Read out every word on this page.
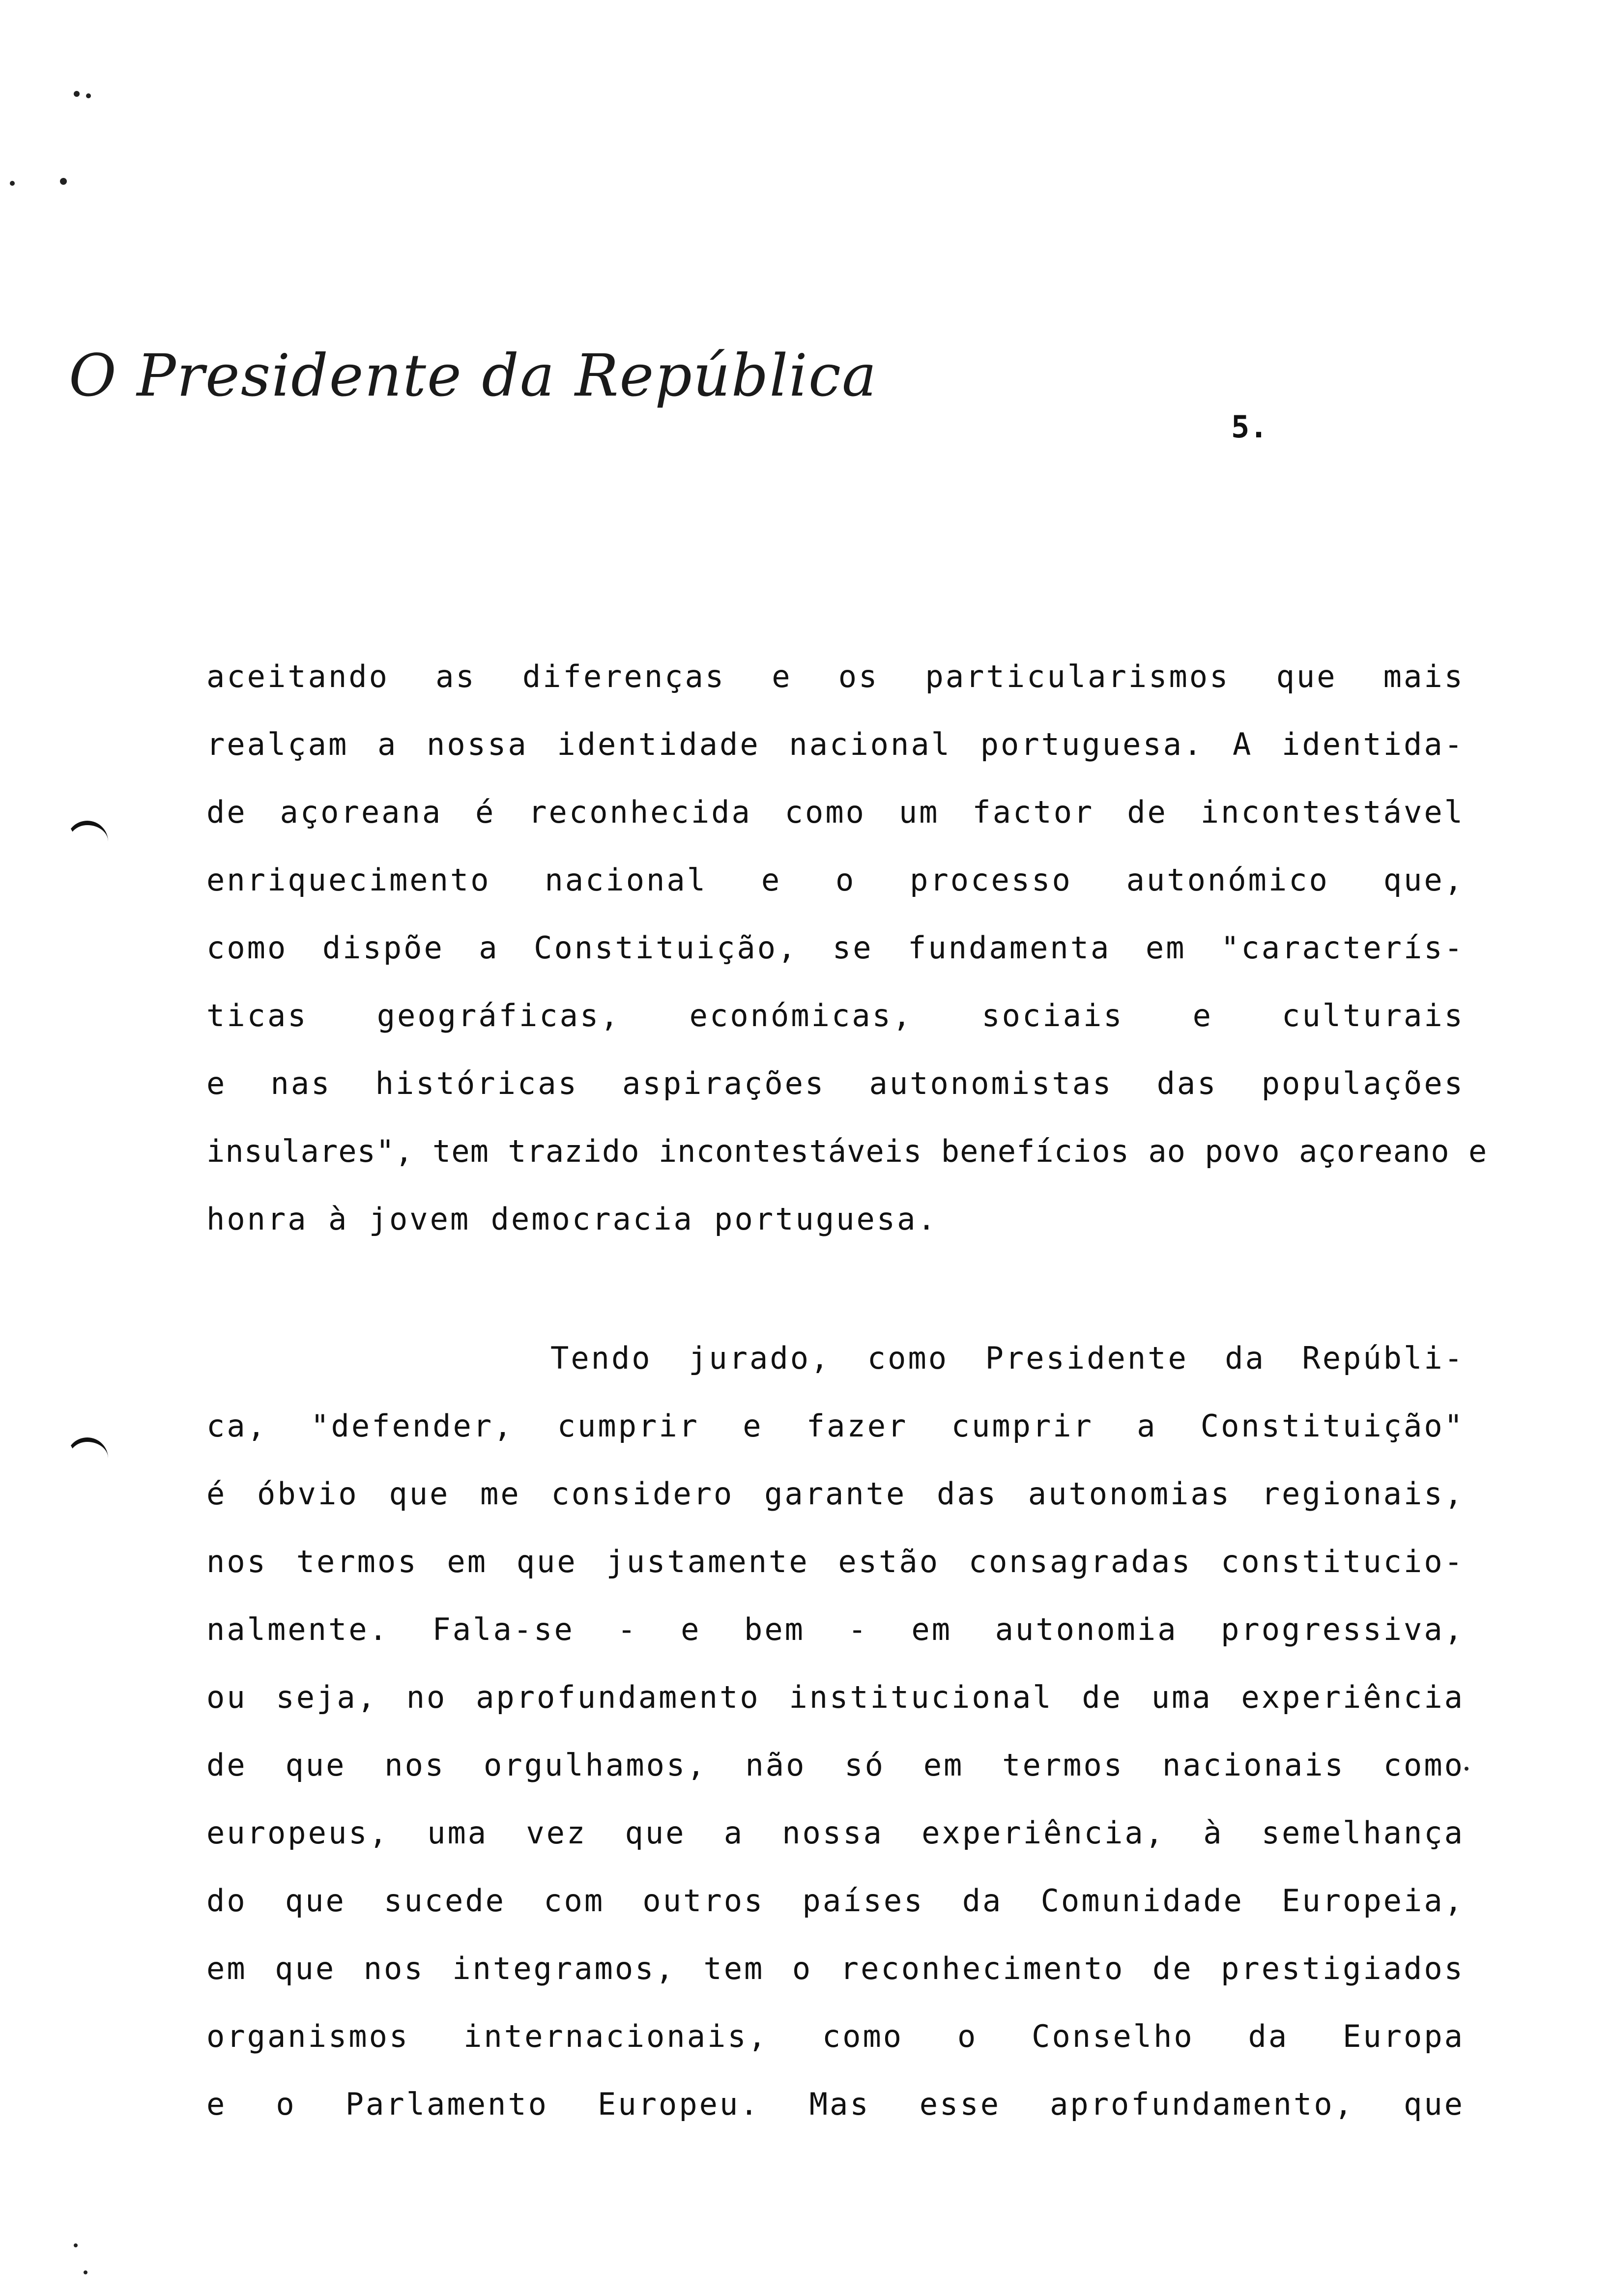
O Presidente da República
5.
aceitando as diferenças e os particularismos que mais
realçam a nossa identidade nacional portuguesa. A identida-
de açoreana é reconhecida como um factor de incontestável
enriquecimento nacional e o processo autonómico que,
como dispõe a Constituição, se fundamenta em "caracterís-
ticas geográficas, económicas, sociais e culturais
e nas históricas aspirações autonomistas das populações
insulares", tem trazido incontestáveis benefícios ao povo açoreano e
honra à jovem democracia portuguesa.
Tendo jurado, como Presidente da Repúbli-
ca, "defender, cumprir e fazer cumprir a Constituição"
é óbvio que me considero garante das autonomias regionais,
nos termos em que justamente estão consagradas constitucio-
nalmente. Fala-se - e bem - em autonomia progressiva,
ou seja, no aprofundamento institucional de uma experiência
de que nos orgulhamos, não só em termos nacionais como
europeus, uma vez que a nossa experiência, à semelhança
do que sucede com outros países da Comunidade Europeia,
em que nos integramos, tem o reconhecimento de prestigiados
organismos internacionais, como o Conselho da Europa
e o Parlamento Europeu. Mas esse aprofundamento, que
